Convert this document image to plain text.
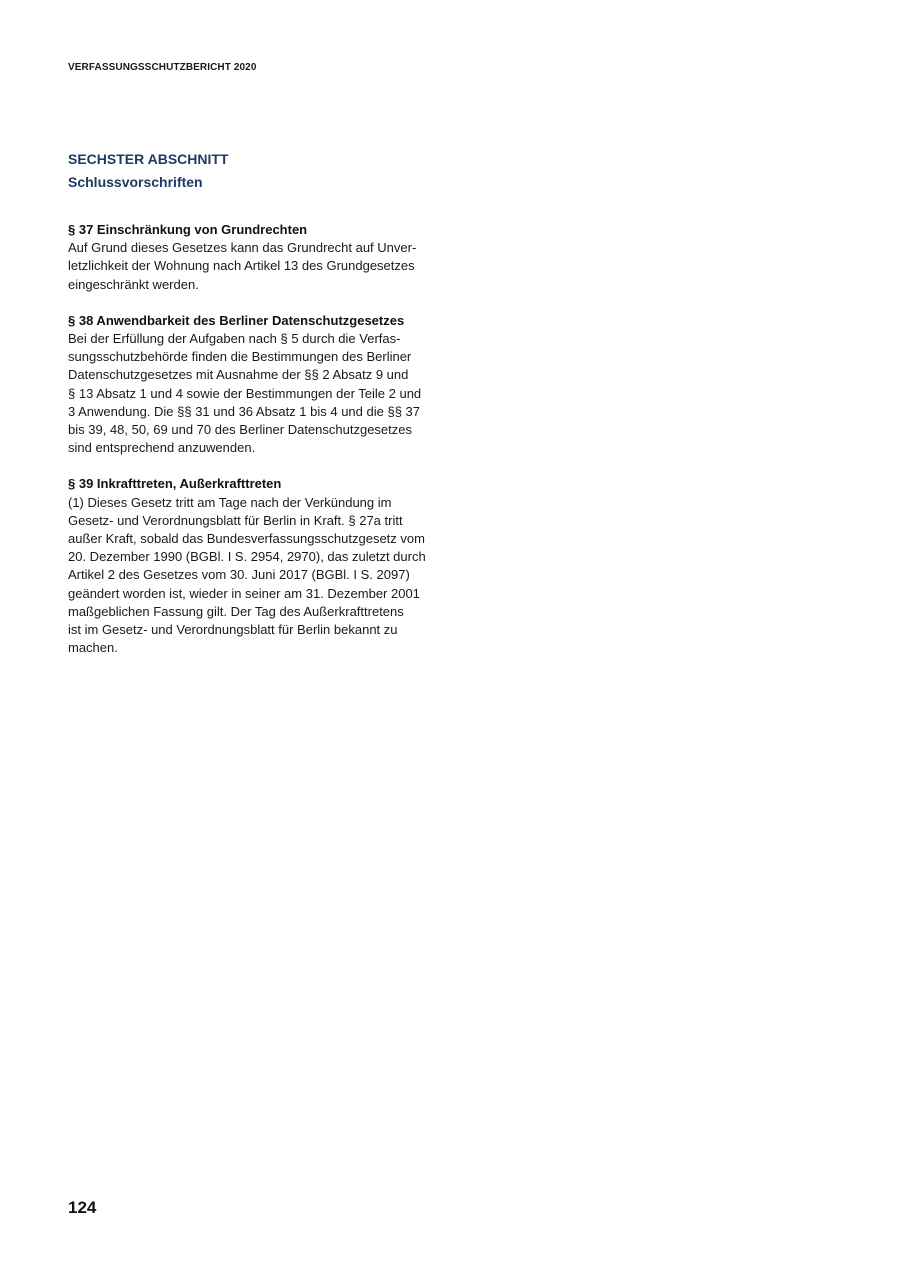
VERFASSUNGSSCHUTZBERICHT 2020
SECHSTER ABSCHNITT
Schlussvorschriften
§ 37 Einschränkung von Grundrechten
Auf Grund dieses Gesetzes kann das Grundrecht auf Unver-
letzlichkeit der Wohnung nach Artikel 13 des Grundgesetzes
eingeschränkt werden.
§ 38 Anwendbarkeit des Berliner Datenschutzgesetzes
Bei der Erfüllung der Aufgaben nach § 5 durch die Verfas-
sungsschutzbehörde finden die Bestimmungen des Berliner
Datenschutzgesetzes mit Ausnahme der §§ 2 Absatz 9 und
§ 13 Absatz 1 und 4 sowie der Bestimmungen der Teile 2 und
3 Anwendung. Die §§ 31 und 36 Absatz 1 bis 4 und die §§ 37
bis 39, 48, 50, 69 und 70 des Berliner Datenschutzgesetzes
sind entsprechend anzuwenden.
§ 39 Inkrafttreten, Außerkrafttreten
(1) Dieses Gesetz tritt am Tage nach der Verkündung im
Gesetz- und Verordnungsblatt für Berlin in Kraft. § 27a tritt
außer Kraft, sobald das Bundesverfassungsschutzgesetz vom
20. Dezember 1990 (BGBl. I S. 2954, 2970), das zuletzt durch
Artikel 2 des Gesetzes vom 30. Juni 2017 (BGBl. I S. 2097)
geändert worden ist, wieder in seiner am 31. Dezember 2001
maßgeblichen Fassung gilt. Der Tag des Außerkrafttretens
ist im Gesetz- und Verordnungsblatt für Berlin bekannt zu
machen.
124
